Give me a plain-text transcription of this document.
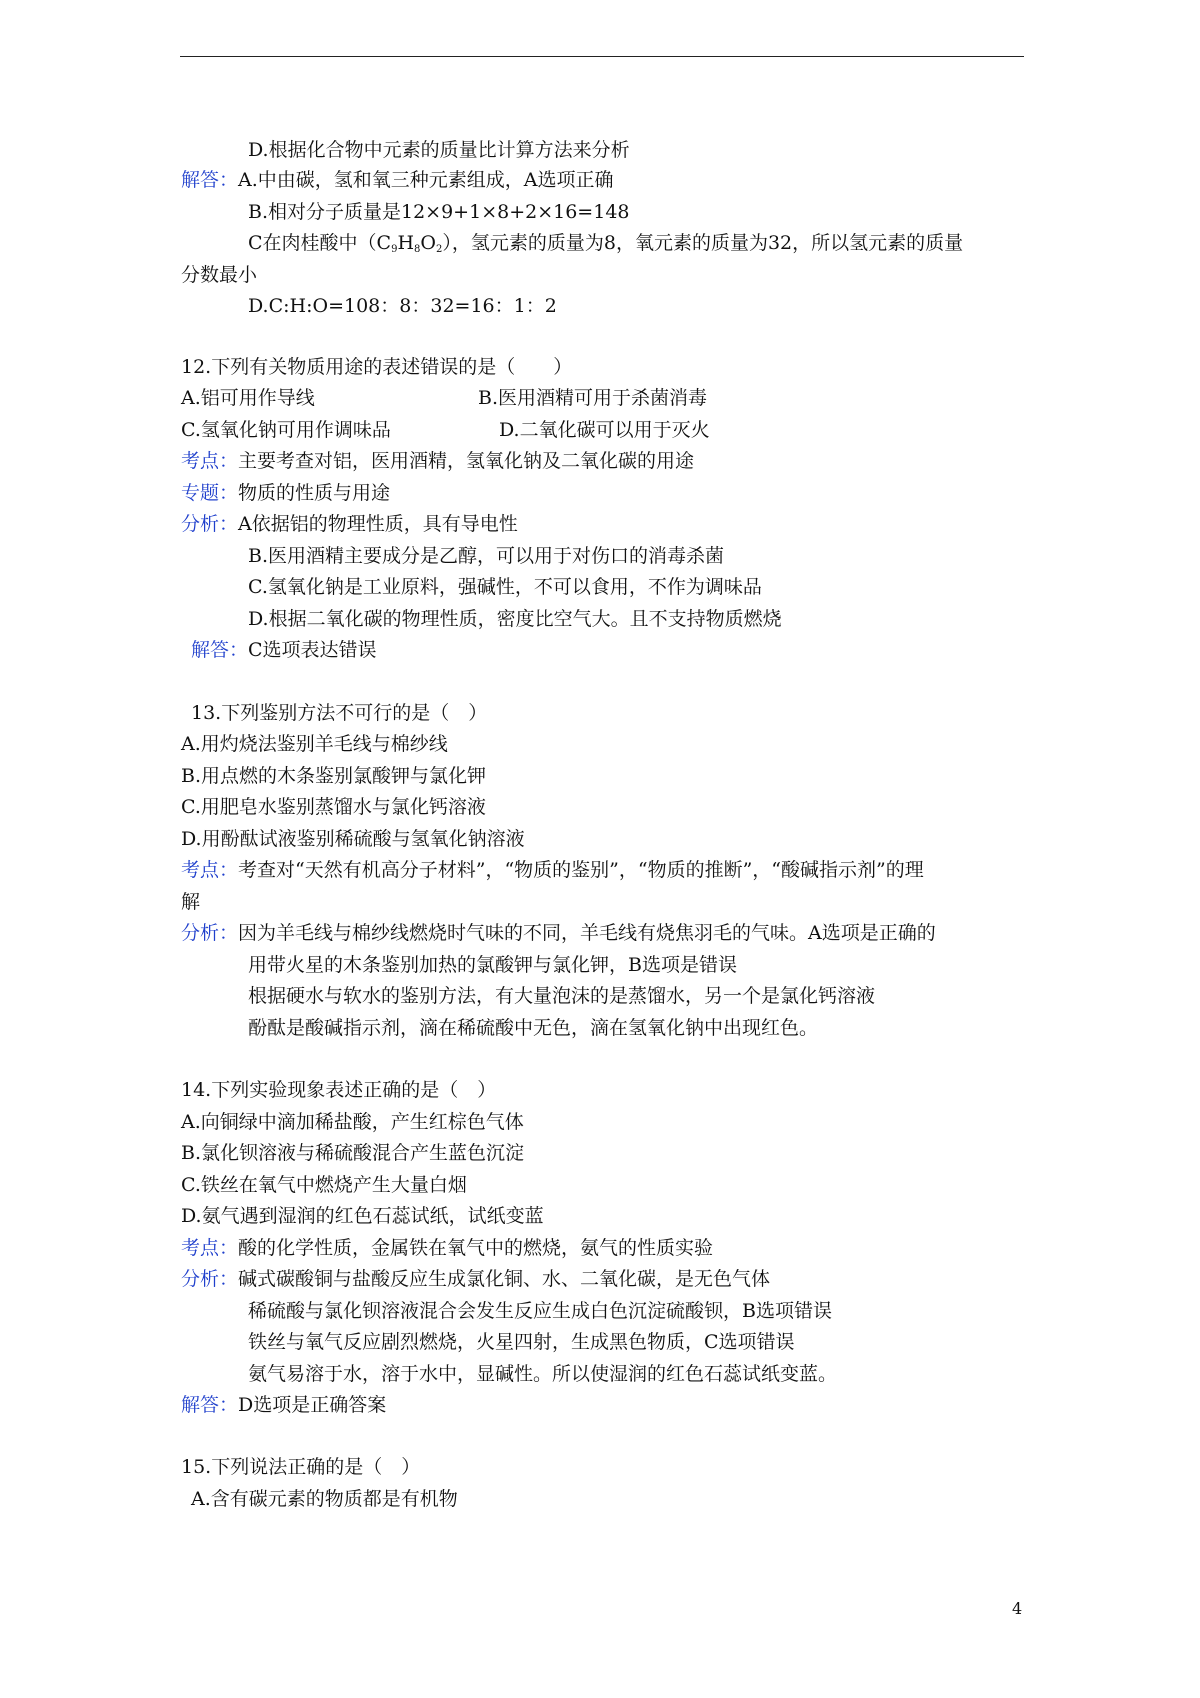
D.根据化合物中元素的质量比计算方法来分析
解答：A.中由碳，氢和氧三种元素组成，A选项正确
B.相对分子质量是12×9+1×8+2×16=148
C在肉桂酸中$(C_9H_8O_2)$，氢元素的质量为8，氧元素的质量为32，所以氢元素的质量
分数最小
D.C:H:O=108：8：32=16：1：2
12.下列有关物质用途的表述错误的是（　　）
A.铝可用作导线	B.医用酒精可用于杀菌消毒
C.氢氧化钠可用作调味品	D.二氧化碳可以用于灭火
考点：主要考查对铝，医用酒精，氢氧化钠及二氧化碳的用途
专题：物质的性质与用途
分析：A依据铝的物理性质，具有导电性
B.医用酒精主要成分是乙醇，可以用于对伤口的消毒杀菌
C.氢氧化钠是工业原料，强碱性，不可以食用，不作为调味品
D.根据二氧化碳的物理性质，密度比空气大。且不支持物质燃烧
解答：C选项表达错误
13.下列鉴别方法不可行的是（　）
A.用灼烧法鉴别羊毛线与棉纱线
B.用点燃的木条鉴别氯酸钾与氯化钾
C.用肥皂水鉴别蒸馏水与氯化钙溶液
D.用酚酞试液鉴别稀硫酸与氢氧化钠溶液
考点：考查对“天然有机高分子材料”，“物质的鉴别”，“物质的推断”，“酸碱指示剂”的理
解
分析：因为羊毛线与棉纱线燃烧时气味的不同，羊毛线有烧焦羽毛的气味。A选项是正确的
用带火星的木条鉴别加热的氯酸钾与氯化钾，B选项是错误
根据硬水与软水的鉴别方法，有大量泡沫的是蒸馏水，另一个是氯化钙溶液
酚酞是酸碱指示剂，滴在稀硫酸中无色，滴在氢氧化钠中出现红色。
14.下列实验现象表述正确的是（　）
A.向铜绿中滴加稀盐酸，产生红棕色气体
B.氯化钡溶液与稀硫酸混合产生蓝色沉淀
C.铁丝在氧气中燃烧产生大量白烟
D.氨气遇到湿润的红色石蕊试纸，试纸变蓝
考点：酸的化学性质，金属铁在氧气中的燃烧，氨气的性质实验
分析：碱式碳酸铜与盐酸反应生成氯化铜、水、二氧化碳，是无色气体
稀硫酸与氯化钡溶液混合会发生反应生成白色沉淀硫酸钡，B选项错误
铁丝与氧气反应剧烈燃烧，火星四射，生成黑色物质，C选项错误
氨气易溶于水，溶于水中，显碱性。所以使湿润的红色石蕊试纸变蓝。
解答：D选项是正确答案
15.下列说法正确的是（　）
A.含有碳元素的物质都是有机物
4
